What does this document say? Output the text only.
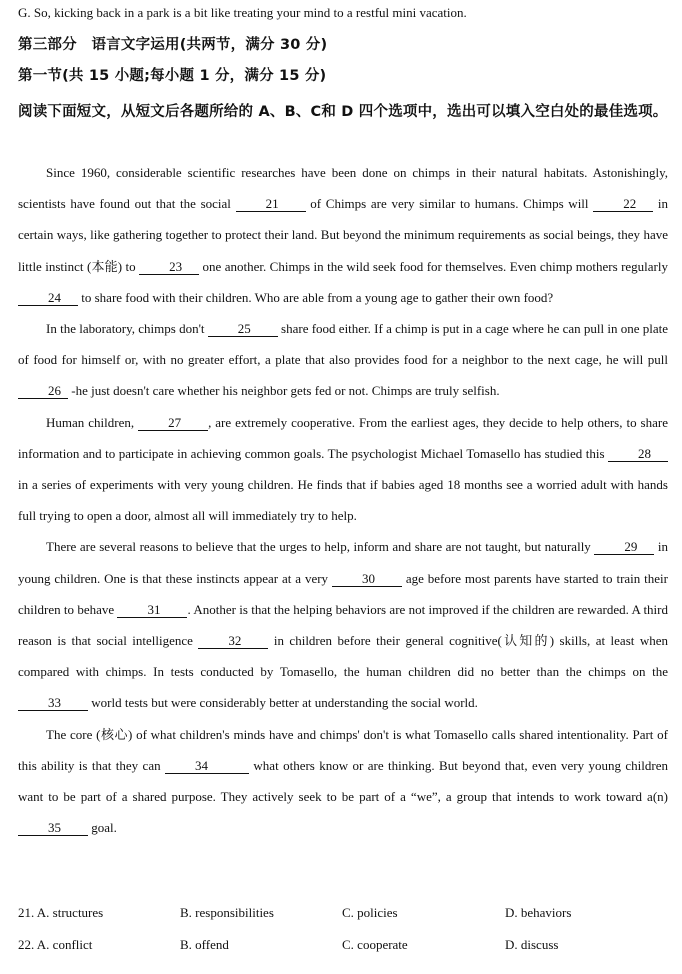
G. So, kicking back in a park is a bit like treating your mind to a restful mini vacation.
第三部分　语言文字运用(共两节，满分 30 分)
第一节(共 15 小题;每小题 1 分，满分 15 分)
阅读下面短文，从短文后各题所给的 A、B、C和 D 四个选项中，选出可以填入空白处的最佳选项。

Since 1960, considerable scientific researches have been done on chimps in their natural habitats. Astonishingly, scientists have found out that the social 21 of Chimps are very similar to humans. Chimps will 22 in certain ways, like gathering together to protect their land. But beyond the minimum requirements as social beings, they have little instinct (本能) to 23 one another. Chimps in the wild seek food for themselves. Even chimp mothers regularly 24 to share food with their children. Who are able from a young age to gather their own food?

In the laboratory, chimps don't 25 share food either. If a chimp is put in a cage where he can pull in one plate of food for himself or, with no greater effort, a plate that also provides food for a neighbor to the next cage, he will pull 26 -he just doesn't care whether his neighbor gets fed or not. Chimps are truly selfish.

Human children, 27 , are extremely cooperative. From the earliest ages, they decide to help others, to share information and to participate in achieving common goals. The psychologist Michael Tomasello has studied this 28 in a series of experiments with very young children. He finds that if babies aged 18 months see a worried adult with hands full trying to open a door, almost all will immediately try to help.

There are several reasons to believe that the urges to help, inform and share are not taught, but naturally 29 in young children. One is that these instincts appear at a very 30 age before most parents have started to train their children to behave 31 . Another is that the helping behaviors are not improved if the children are rewarded. A third reason is that social intelligence 32 in children before their general cognitive(认知的) skills, at least when compared with chimps. In tests conducted by Tomasello, the human children did no better than the chimps on the 33 world tests but were considerably better at understanding the social world.

The core (核心) of what children's minds have and chimps' don't is what Tomasello calls shared intentionality. Part of this ability is that they can 34	what others know or are thinking. But beyond that, even very young children want to be part of a shared purpose. They actively seek to be part of a “we”, a group that intends to work toward a(n) 35 goal.

21. A. structures	B. responsibilities	C. policies	D. behaviors
22. A. conflict	B. offend	C. cooperate	D. discuss
